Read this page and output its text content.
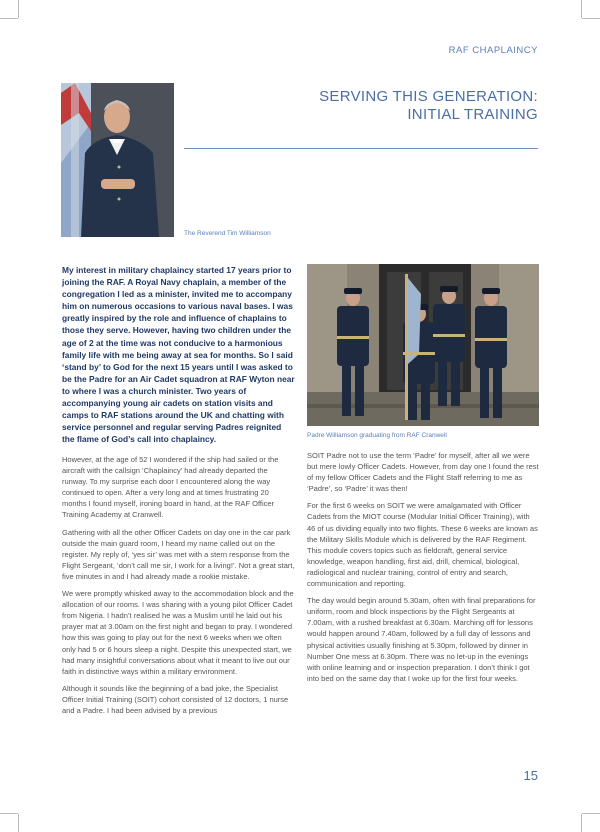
RAF CHAPLAINCY
SERVING THIS GENERATION:
INITIAL TRAINING
The Reverend Tim Williamson

My interest in military chaplaincy started 17 years prior to joining the RAF. A Royal Navy chaplain, a member of the congregation I led as a minister, invited me to accompany him on numerous occasions to various naval bases. I was greatly inspired by the role and influence of chaplains to those they serve. However, having two children under the age of 2 at the time was not conducive to a harmonious family life with me being away at sea for months. So I said ‘stand by’ to God for the next 15 years until I was asked to be the Padre for an Air Cadet squadron at RAF Wyton near to where I was a church minister. Two years of accompanying young air cadets on station visits and camps to RAF stations around the UK and chatting with service personnel and regular serving Padres reignited the flame of God’s call into chaplaincy.

However, at the age of 52 I wondered if the ship had sailed or the aircraft with the callsign ‘Chaplaincy’ had already departed the runway. To my surprise each door I encountered along the way continued to open. After a very long and at times frustrating 20 months I found myself, ironing board in hand, at the RAF Officer Training Academy at Cranwell.

Gathering with all the other Officer Cadets on day one in the car park outside the main guard room, I heard my name called out on the register. My reply of, ‘yes sir’ was met with a stern response from the Flight Sergeant, ‘don’t call me sir, I work for a living!’. Not a great start, five minutes in and I had already made a rookie mistake.

We were promptly whisked away to the accommodation block and the allocation of our rooms. I was sharing with a young pilot Officer Cadet from Nigeria. I hadn’t realised he was a Muslim until he laid out his prayer mat at 3.00am on the first night and began to pray. I wondered how this was going to play out for the next 6 weeks when we often only had 5 or 6 hours sleep a night. Despite this unexpected start, we had many insightful conversations about what it meant to live out our faith in distinctive ways within a military environment.

Although it sounds like the beginning of a bad joke, the Specialist Officer Initial Training (SOIT) cohort consisted of 12 doctors, 1 nurse and a Padre. I had been advised by a previous

Padre Williamson graduating from RAF Cranwell

SOIT Padre not to use the term ‘Padre’ for myself, after all we were but mere lowly Officer Cadets. However, from day one I found the rest of my fellow Officer Cadets and the Flight Staff referring to me as ‘Padre’, so ‘Padre’ it was then!

For the first 6 weeks on SOIT we were amalgamated with Officer Cadets from the MIOT course (Modular Initial Officer Training), with 46 of us dividing equally into two flights. These 6 weeks are known as the Military Skills Module which is delivered by the RAF Regiment. This module covers topics such as fieldcraft, general service knowledge, weapon handling, first aid, drill, chemical, biological, radiological and nuclear training, control of entry and search, communication and reporting.

The day would begin around 5.30am, often with final preparations for uniform, room and block inspections by the Flight Sergeants at 7.00am, with a rushed breakfast at 6.30am. Marching off for lessons would happen around 7.40am, followed by a full day of lessons and physical activities usually finishing at 5.30pm, followed by dinner in Number One mess at 6.30pm. There was no let-up in the evenings with online learning and or inspection preparation. I don’t think I got into bed on the same day that I woke up for the first four weeks.

15
